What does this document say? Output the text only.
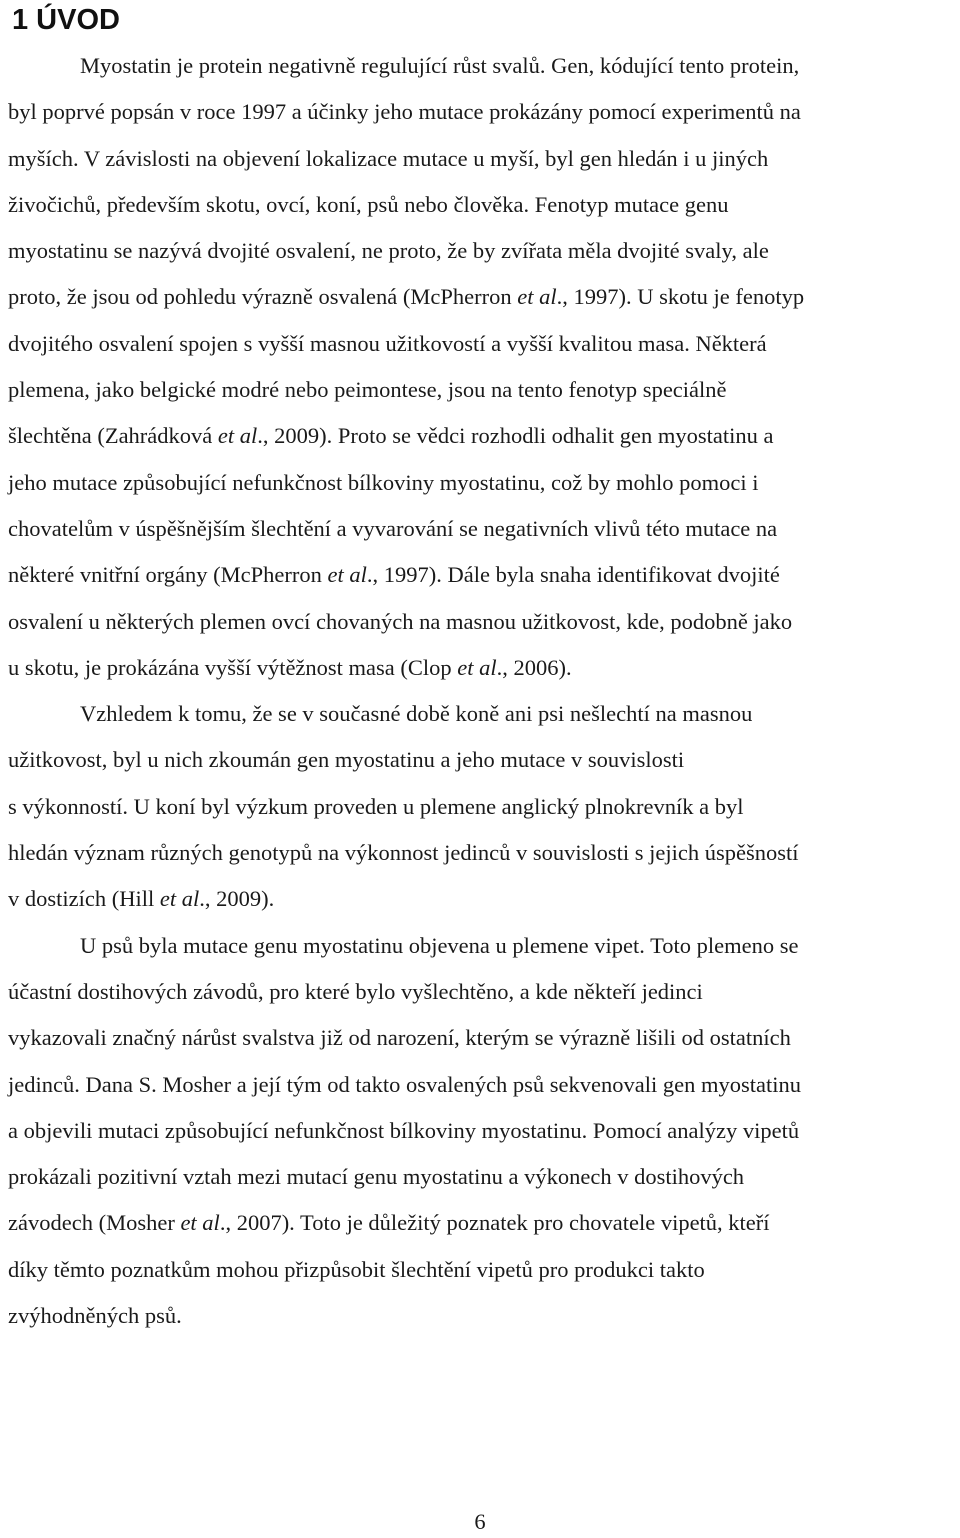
1 ÚVOD
Myostatin je protein negativně regulující růst svalů. Gen, kódující tento protein,
byl poprvé popsán v roce 1997 a účinky jeho mutace prokázány pomocí experimentů na
myších. V závislosti na objevení lokalizace mutace u myší, byl gen hledán i u jiných
živočichů, především skotu, ovcí, koní, psů nebo člověka. Fenotyp mutace genu
myostatinu se nazývá dvojité osvalení, ne proto, že by zvířata měla dvojité svaly, ale
proto, že jsou od pohledu výrazně osvalená (McPherron et al., 1997). U skotu je fenotyp
dvojitého osvalení spojen s vyšší masnou užitkovostí a vyšší kvalitou masa. Některá
plemena, jako belgické modré nebo peimontese, jsou na tento fenotyp speciálně
šlechtěna (Zahrádková et al., 2009). Proto se vědci rozhodli odhalit gen myostatinu a
jeho mutace způsobující nefunkčnost bílkoviny myostatinu, což by mohlo pomoci i
chovatelům v úspěšnějším šlechtění a vyvarování se negativních vlivů této mutace na
některé vnitřní orgány (McPherron et al., 1997). Dále byla snaha identifikovat dvojité
osvalení u některých plemen ovcí chovaných na masnou užitkovost, kde, podobně jako
u skotu, je prokázána vyšší výtěžnost masa (Clop et al., 2006).
Vzhledem k tomu, že se v současné době koně ani psi nešlechtí na masnou
užitkovost, byl u nich zkoumán gen myostatinu a jeho mutace v souvislosti
s výkonností. U koní byl výzkum proveden u plemene anglický plnokrevník a byl
hledán význam různých genotypů na výkonnost jedinců v souvislosti s jejich úspěšností
v dostizích (Hill et al., 2009).
U psů byla mutace genu myostatinu objevena u plemene vipet. Toto plemeno se
účastní dostihových závodů, pro které bylo vyšlechtěno, a kde někteří jedinci
vykazovali značný nárůst svalstva již od narození, kterým se výrazně lišili od ostatních
jedinců. Dana S. Mosher a její tým od takto osvalených psů sekvenovali gen myostatinu
a objevili mutaci způsobující nefunkčnost bílkoviny myostatinu. Pomocí analýzy vipetů
prokázali pozitivní vztah mezi mutací genu myostatinu a výkonech v dostihových
závodech (Mosher et al., 2007). Toto je důležitý poznatek pro chovatele vipetů, kteří
díky těmto poznatkům mohou přizpůsobit šlechtění vipetů pro produkci takto
zvýhodněných psů.
6
